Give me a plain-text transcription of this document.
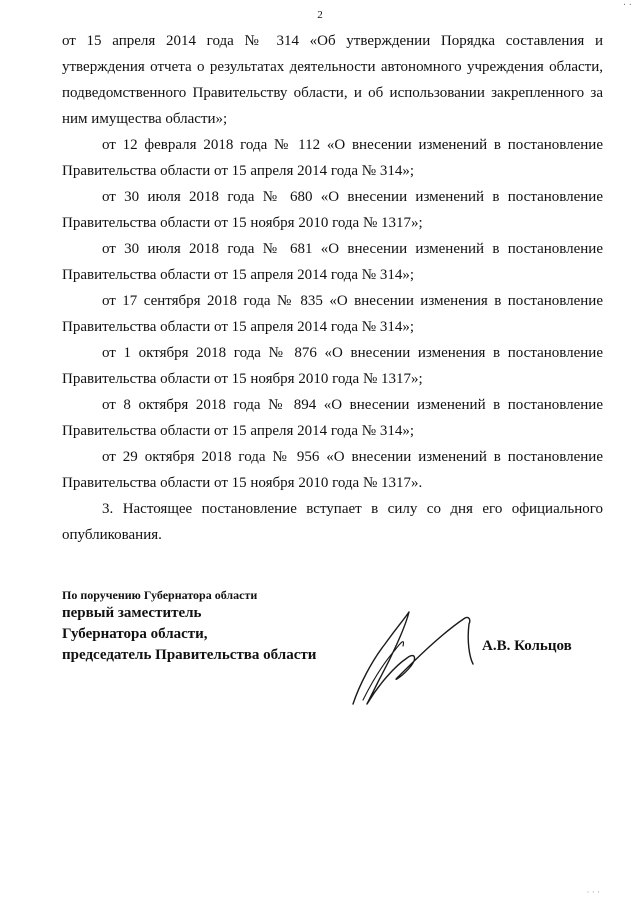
2
· ·

от 15 апреля 2014 года № 314 «Об утверждении Порядка составления и утверждения отчета о результатах деятельности автономного учреждения области, подведомственного Правительству области, и об использовании закрепленного за ним имущества области»;

от 12 февраля 2018 года № 112 «О внесении изменений в постановление Правительства области от 15 апреля 2014 года № 314»;

от 30 июля 2018 года № 680 «О внесении изменений в постановление Правительства области от 15 ноября 2010 года № 1317»;

от 30 июля 2018 года № 681 «О внесении изменений в постановление Правительства области от 15 апреля 2014 года № 314»;

от 17 сентября 2018 года № 835 «О внесении изменения в постановление Правительства области от 15 апреля 2014 года № 314»;

от 1 октября 2018 года № 876 «О внесении изменения в постановление Правительства области от 15 ноября 2010 года № 1317»;

от 8 октября 2018 года № 894 «О внесении изменений в постановление Правительства области от 15 апреля 2014 года № 314»;

от 29 октября 2018 года № 956 «О внесении изменений в постановление Правительства области от 15 ноября 2010 года № 1317».

3. Настоящее постановление вступает в силу со дня его официального опубликования.

По поручению Губернатора области
первый заместитель
Губернатора области,
председатель Правительства области
А.В. Кольцов
· · ·
